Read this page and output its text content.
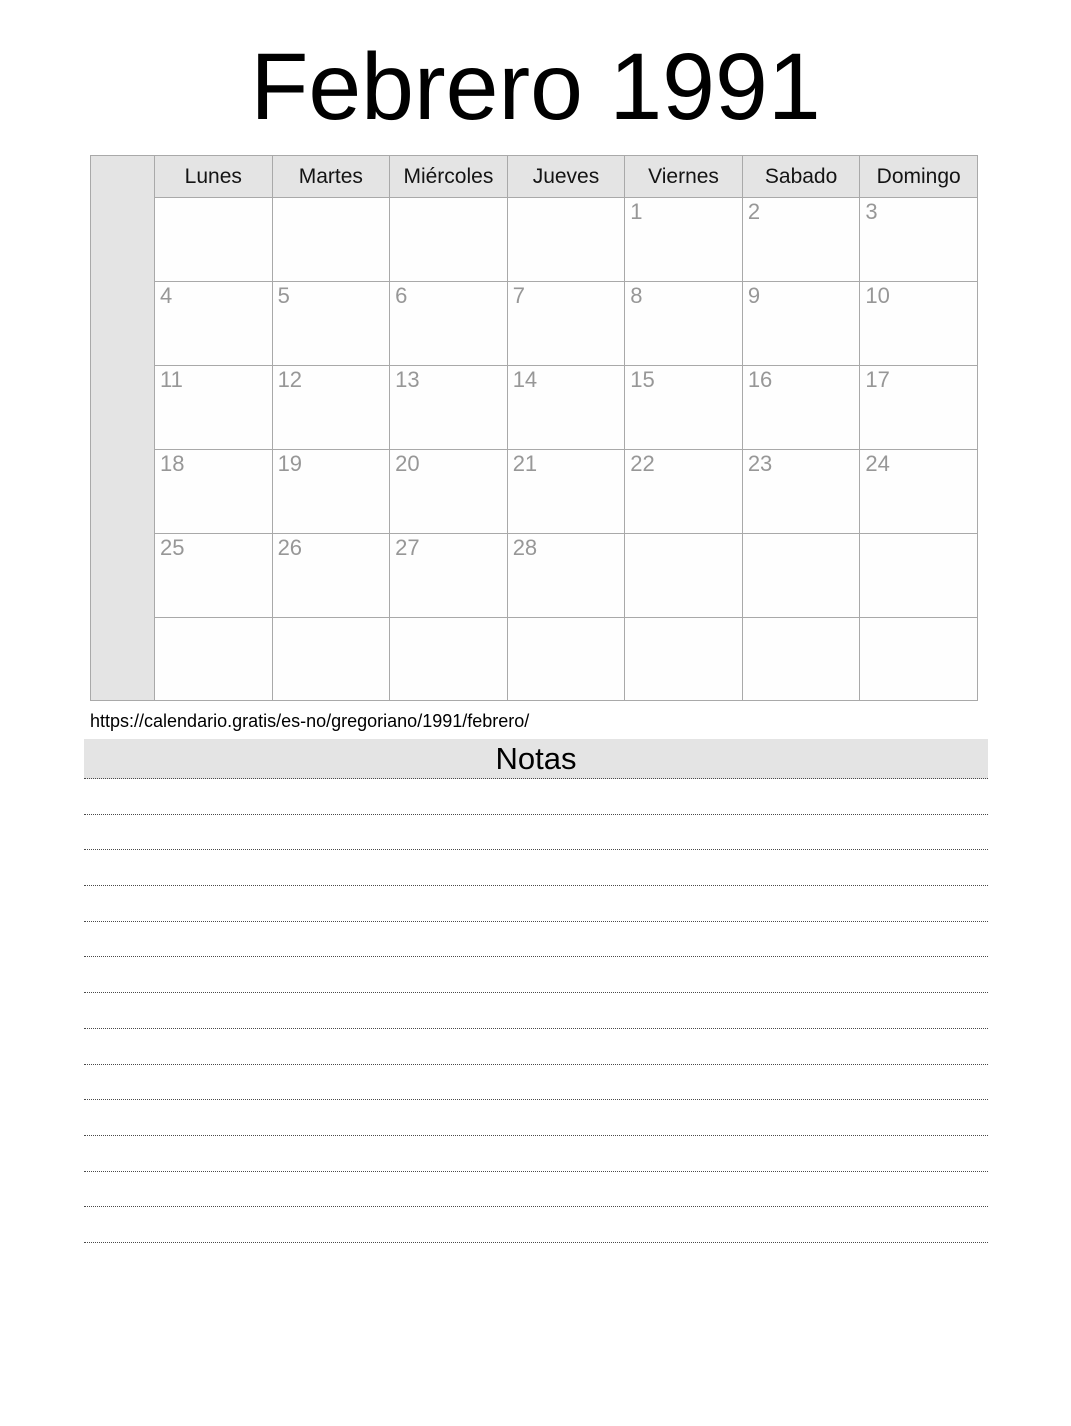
Febrero 1991
	Lunes	Martes	Miércoles	Jueves	Viernes	Sabado	Domingo
					1	2	3
	4	5	6	7	8	9	10
	11	12	13	14	15	16	17
	18	19	20	21	22	23	24
	25	26	27	28			

https://calendario.gratis/es-no/gregoriano/1991/febrero/
Notas
